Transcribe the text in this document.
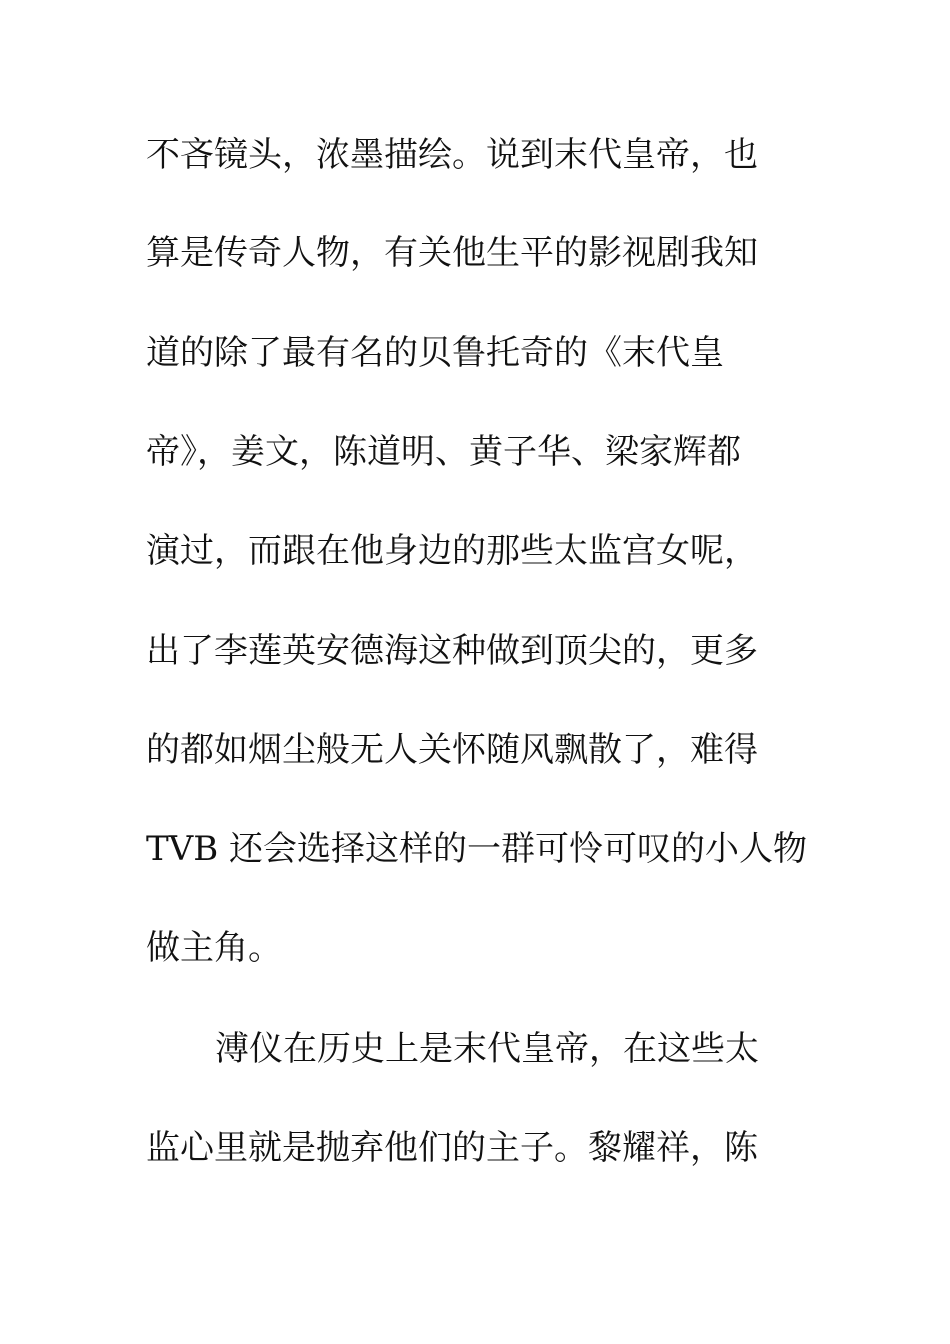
不吝镜头，浓墨描绘。说到末代皇帝，也
算是传奇人物，有关他生平的影视剧我知
道的除了最有名的贝鲁托奇的《末代皇
帝》，姜文，陈道明、黄子华、梁家辉都
演过，而跟在他身边的那些太监宫女呢，
出了李莲英安德海这种做到顶尖的，更多
的都如烟尘般无人关怀随风飘散了，难得
TVB 还会选择这样的一群可怜可叹的小人物
做主角。
溥仪在历史上是末代皇帝，在这些太
监心里就是抛弃他们的主子。黎耀祥，陈
